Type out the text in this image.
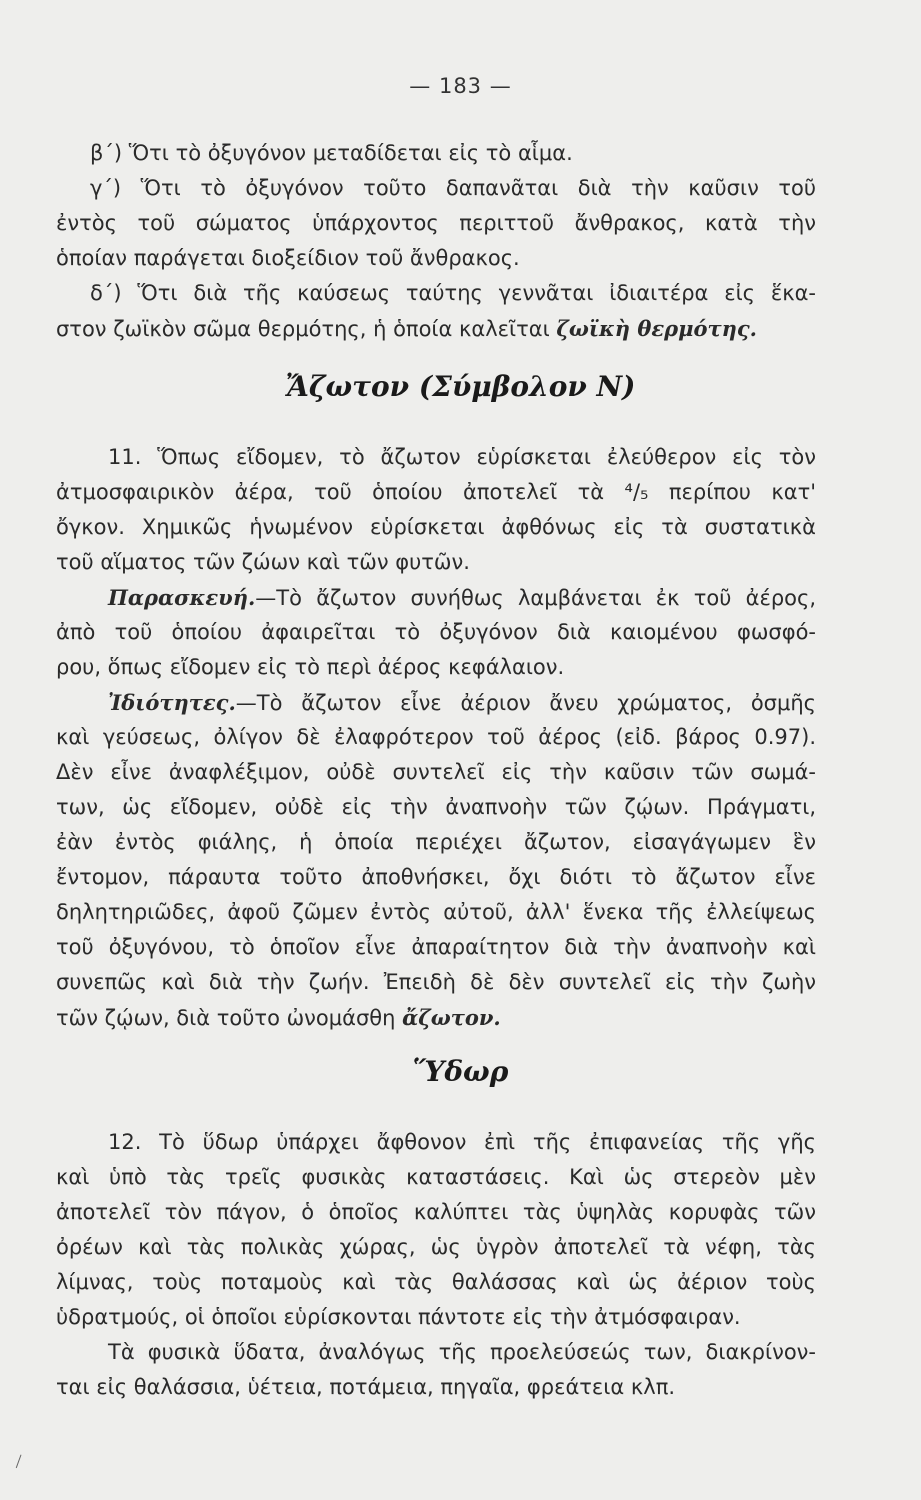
— 183 —
β΄) Ὅτι τὸ ὀξυγόνον μεταδίδεται εἰς τὸ αἷμα.
γ΄) Ὅτι τὸ ὀξυγόνον τοῦτο δαπανᾶται διὰ τὴν καῦσιν τοῦ
ἐντὸς τοῦ σώματος ὑπάρχοντος περιττοῦ ἄνθρακος, κατὰ τὴν
ὁποίαν παράγεται διοξείδιον τοῦ ἄνθρακος.
δ΄) Ὅτι διὰ τῆς καύσεως ταύτης γεννᾶται ἰδιαιτέρα εἰς ἕκα-
στον ζωϊκὸν σῶμα θερμότης, ἡ ὁποία καλεῖται ζωϊκὴ θερμότης.
Ἄζωτον (Σύμβολον Ν)
11. Ὅπως εἴδομεν, τὸ ἄζωτον εὑρίσκεται ἐλεύθερον εἰς τὸν
ἀτμοσφαιρικὸν ἀέρα, τοῦ ὁποίου ἀποτελεῖ τὰ ⁴/₅ περίπου κατ'
ὄγκον. Χημικῶς ἡνωμένον εὑρίσκεται ἀφθόνως εἰς τὰ συστατικὰ
τοῦ αἵματος τῶν ζώων καὶ τῶν φυτῶν.
Παρασκευή.—Τὸ ἄζωτον συνήθως λαμβάνεται ἐκ τοῦ ἀέρος,
ἀπὸ τοῦ ὁποίου ἀφαιρεῖται τὸ ὀξυγόνον διὰ καιομένου φωσφό-
ρου, ὅπως εἴδομεν εἰς τὸ περὶ ἀέρος κεφάλαιον.
Ἰδιότητες.—Τὸ ἄζωτον εἶνε ἀέριον ἄνευ χρώματος, ὀσμῆς
καὶ γεύσεως, ὀλίγον δὲ ἐλαφρότερον τοῦ ἀέρος (εἰδ. βάρος 0.97).
Δὲν εἶνε ἀναφλέξιμον, οὐδὲ συντελεῖ εἰς τὴν καῦσιν τῶν σωμά-
των, ὡς εἴδομεν, οὐδὲ εἰς τὴν ἀναπνοὴν τῶν ζῴων. Πράγματι,
ἐὰν ἐντὸς φιάλης, ἡ ὁποία περιέχει ἄζωτον, εἰσαγάγωμεν ἓν
ἔντομον, πάραυτα τοῦτο ἀποθνήσκει, ὄχι διότι τὸ ἄζωτον εἶνε
δηλητηριῶδες, ἀφοῦ ζῶμεν ἐντὸς αὐτοῦ, ἀλλ' ἕνεκα τῆς ἐλλείψεως
τοῦ ὀξυγόνου, τὸ ὁποῖον εἶνε ἀπαραίτητον διὰ τὴν ἀναπνοὴν καὶ
συνεπῶς καὶ διὰ τὴν ζωήν. Ἐπειδὴ δὲ δὲν συντελεῖ εἰς τὴν ζωὴν
τῶν ζῴων, διὰ τοῦτο ὠνομάσθη ἄζωτον.
Ὕδωρ
12. Τὸ ὕδωρ ὑπάρχει ἄφθονον ἐπὶ τῆς ἐπιφανείας τῆς γῆς
καὶ ὑπὸ τὰς τρεῖς φυσικὰς καταστάσεις. Καὶ ὡς στερεὸν μὲν
ἀποτελεῖ τὸν πάγον, ὁ ὁποῖος καλύπτει τὰς ὑψηλὰς κορυφὰς τῶν
ὀρέων καὶ τὰς πολικὰς χώρας, ὡς ὑγρὸν ἀποτελεῖ τὰ νέφη, τὰς
λίμνας, τοὺς ποταμοὺς καὶ τὰς θαλάσσας καὶ ὡς ἀέριον τοὺς
ὑδρατμούς, οἱ ὁποῖοι εὑρίσκονται πάντοτε εἰς τὴν ἀτμόσφαιραν.
Τὰ φυσικὰ ὕδατα, ἀναλόγως τῆς προελεύσεώς των, διακρίνον-
ται εἰς θαλάσσια, ὑέτεια, ποτάμεια, πηγαῖα, φρεάτεια κλπ.
